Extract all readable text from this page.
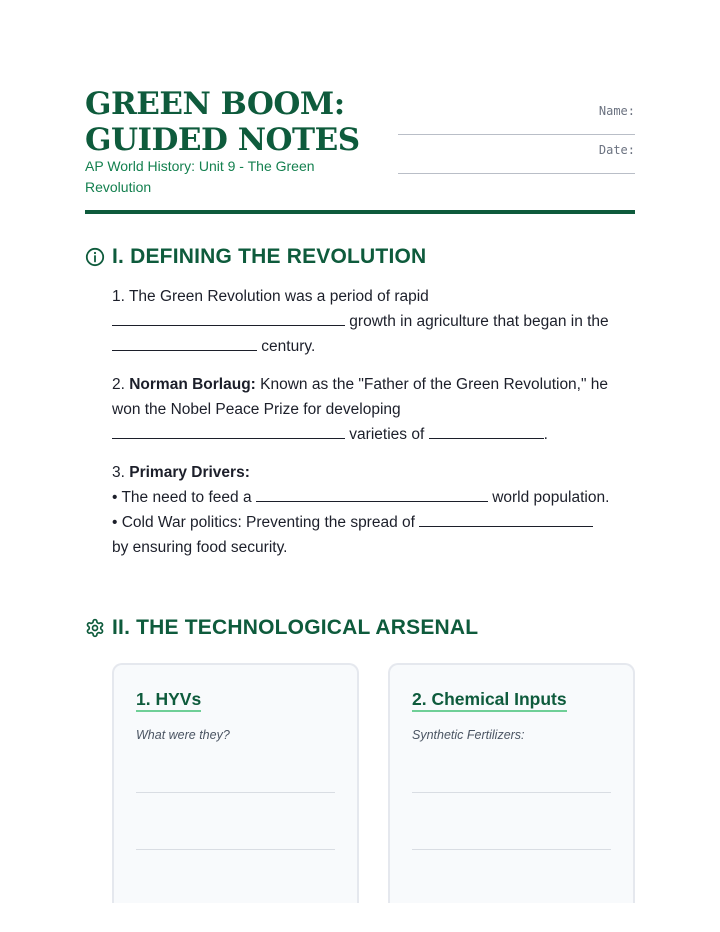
GREEN BOOM:
GUIDED NOTES
AP World History: Unit 9 - The Green Revolution
Name:
Date:
I. DEFINING THE REVOLUTION
1. The Green Revolution was a period of rapid
growth in agriculture that began in the
century.
2. Norman Borlaug: Known as the "Father of the Green Revolution," he won the Nobel Peace Prize for developing
varieties of	.
3. Primary Drivers:
• The need to feed a	world population.
• Cold War politics: Preventing the spread of
by ensuring food security.
II. THE TECHNOLOGICAL ARSENAL
1. HYVs
What were they?
2. Chemical Inputs
Synthetic Fertilizers:
